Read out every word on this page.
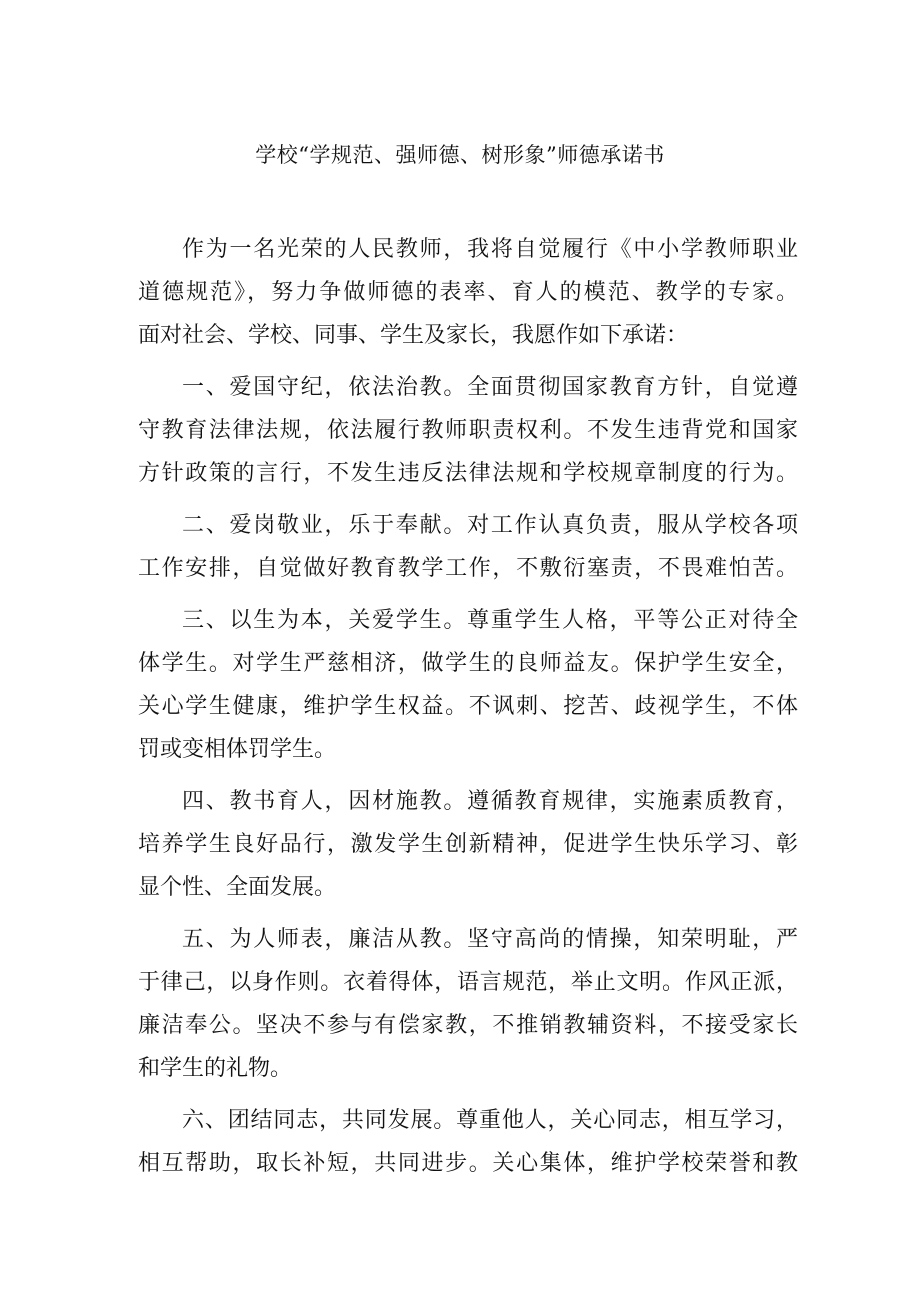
学校“学规范、强师德、树形象”师德承诺书

作为一名光荣的人民教师，我将自觉履行《中小学教师职业
道德规范》，努力争做师德的表率、育人的模范、教学的专家。
面对社会、学校、同事、学生及家长，我愿作如下承诺：

一、爱国守纪，依法治教。全面贯彻国家教育方针，自觉遵
守教育法律法规，依法履行教师职责权利。不发生违背党和国家
方针政策的言行，不发生违反法律法规和学校规章制度的行为。

二、爱岗敬业，乐于奉献。对工作认真负责，服从学校各项
工作安排，自觉做好教育教学工作，不敷衍塞责，不畏难怕苦。

三、以生为本，关爱学生。尊重学生人格，平等公正对待全
体学生。对学生严慈相济，做学生的良师益友。保护学生安全，
关心学生健康，维护学生权益。不讽刺、挖苦、歧视学生，不体
罚或变相体罚学生。

四、教书育人，因材施教。遵循教育规律，实施素质教育，
培养学生良好品行，激发学生创新精神，促进学生快乐学习、彰
显个性、全面发展。

五、为人师表，廉洁从教。坚守高尚的情操，知荣明耻，严
于律己，以身作则。衣着得体，语言规范，举止文明。作风正派，
廉洁奉公。坚决不参与有偿家教，不推销教辅资料，不接受家长
和学生的礼物。

六、团结同志，共同发展。尊重他人，关心同志，相互学习，
相互帮助，取长补短，共同进步。关心集体，维护学校荣誉和教
